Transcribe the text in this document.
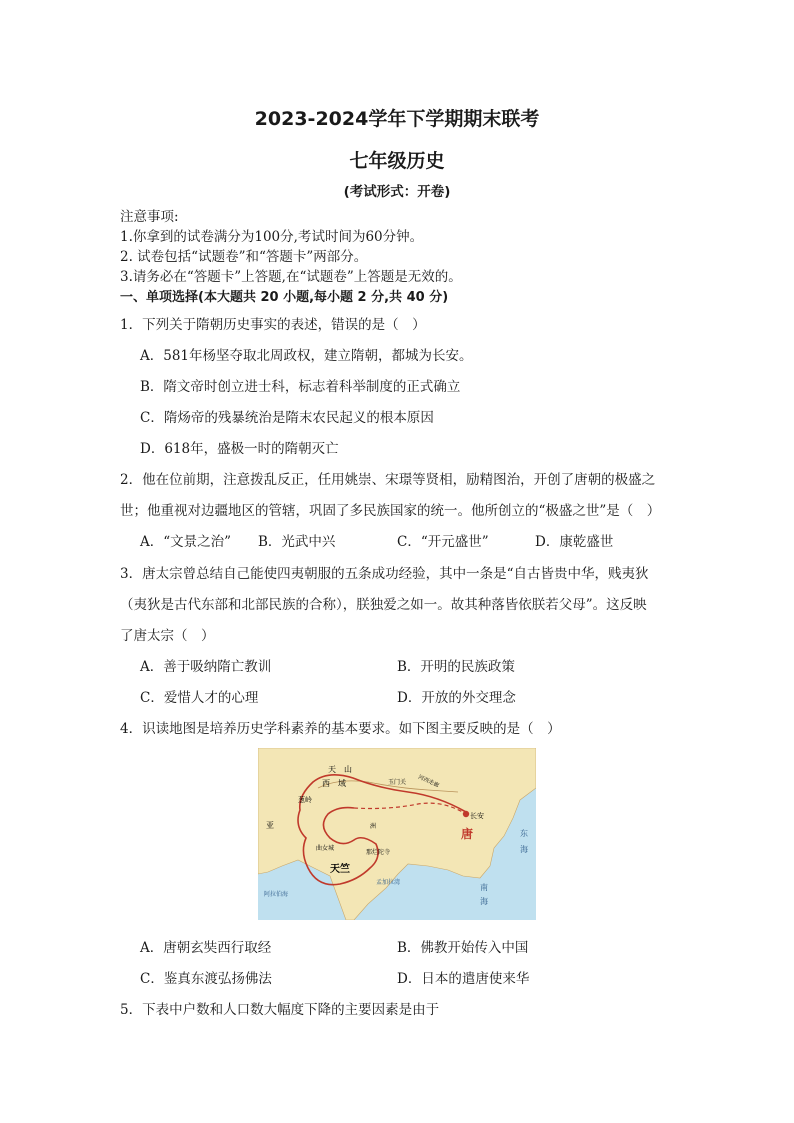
2023-2024学年下学期期末联考
七年级历史
(考试形式：开卷)
注意事项:
1.你拿到的试卷满分为100分,考试时间为60分钟。
2. 试卷包括“试题卷”和“答题卡”两部分。
3.请务必在“答题卡”上答题,在“试题卷”上答题是无效的。
一、单项选择(本大题共 20 小题,每小题 2 分,共 40 分)
1．下列关于隋朝历史事实的表述，错误的是（　）
A．581年杨坚夺取北周政权，建立隋朝，都城为长安。
B．隋文帝时创立进士科，标志着科举制度的正式确立
C．隋炀帝的残暴统治是隋末农民起义的根本原因
D．618年，盛极一时的隋朝灭亡
2．他在位前期，注意拨乱反正，任用姚崇、宋璟等贤相，励精图治，开创了唐朝的极盛之
世；他重视对边疆地区的管辖，巩固了多民族国家的统一。他所创立的“极盛之世”是（　）
A．“文景之治” B．光武中兴	C．“开元盛世”	D．康乾盛世
3．唐太宗曾总结自己能使四夷朝服的五条成功经验，其中一条是“自古皆贵中华，贱夷狄
（夷狄是古代东部和北部民族的合称），朕独爱之如一。故其种落皆依朕若父母”。这反映
了唐太宗（　）
A．善于吸纳隋亡教训	B．开明的民族政策
C．爱惜人才的心理	D．开放的外交理念
4．识读地图是培养历史学科素养的基本要求。如下图主要反映的是（　）
天　山
西　域	玉门关 河西走廊
葱岭
长安
唐
亚	洲
曲女城
那烂陀寺
天竺
孟加拉湾
阿拉伯海
东
海
南
海
A．唐朝玄奘西行取经	B．佛教开始传入中国
C．鉴真东渡弘扬佛法	D．日本的遣唐使来华
5．下表中户数和人口数大幅度下降的主要因素是由于
